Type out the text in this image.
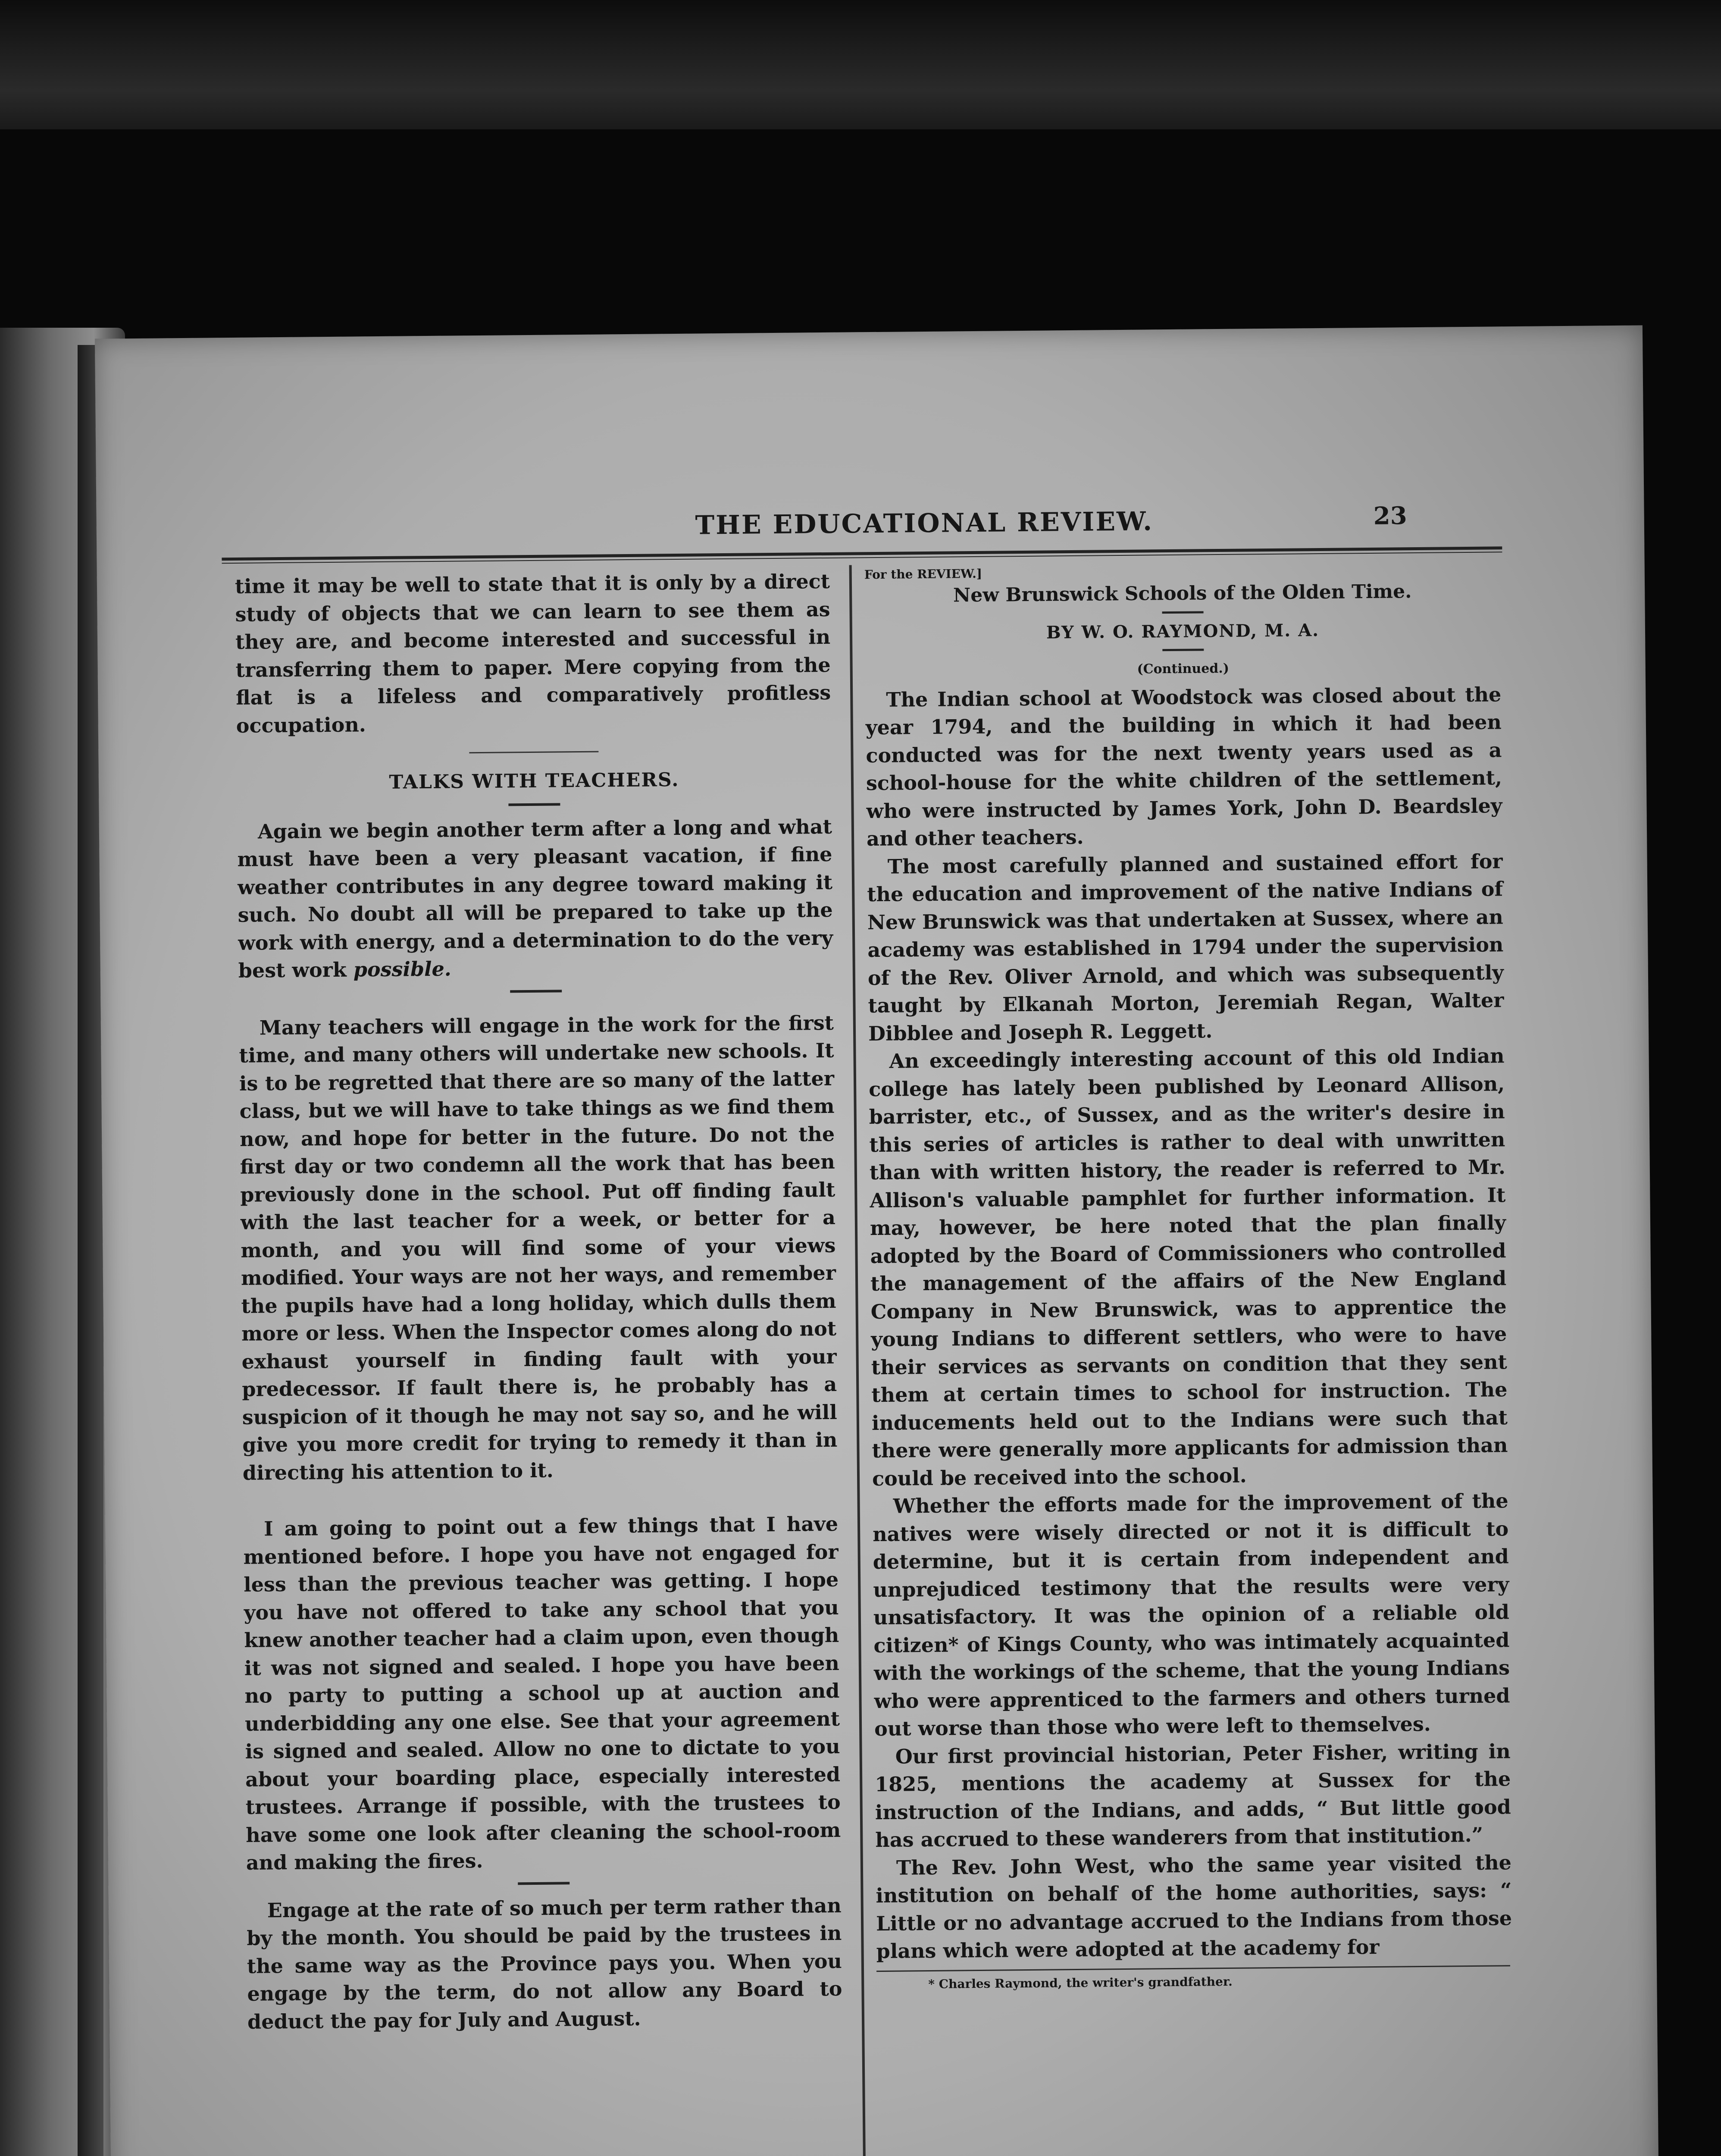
THE EDUCATIONAL REVIEW.	23

time it may be well to state that it is only by a direct study of objects that we can learn to see them as they are, and become interested and successful in transferring them to paper. Mere copying from the flat is a lifeless and comparatively profitless occupation.

TALKS WITH TEACHERS.

Again we begin another term after a long and what must have been a very pleasant vacation, if fine weather contributes in any degree toward making it such. No doubt all will be prepared to take up the work with energy, and a determination to do the very best work possible.

Many teachers will engage in the work for the first time, and many others will undertake new schools. It is to be regretted that there are so many of the latter class, but we will have to take things as we find them now, and hope for better in the future. Do not the first day or two condemn all the work that has been previously done in the school. Put off finding fault with the last teacher for a week, or better for a month, and you will find some of your views modified. Your ways are not her ways, and remember the pupils have had a long holiday, which dulls them more or less. When the Inspector comes along do not exhaust yourself in finding fault with your predecessor. If fault there is, he probably has a suspicion of it though he may not say so, and he will give you more credit for trying to remedy it than in directing his attention to it.

I am going to point out a few things that I have mentioned before. I hope you have not engaged for less than the previous teacher was getting. I hope you have not offered to take any school that you knew another teacher had a claim upon, even though it was not signed and sealed. I hope you have been no party to putting a school up at auction and underbidding any one else. See that your agreement is signed and sealed. Allow no one to dictate to you about your boarding place, especially interested trustees. Arrange if possible, with the trustees to have some one look after cleaning the school-room and making the fires.

Engage at the rate of so much per term rather than by the month. You should be paid by the trustees in the same way as the Province pays you. When you engage by the term, do not allow any Board to deduct the pay for July and August.

For the REVIEW.]

New Brunswick Schools of the Olden Time.

BY W. O. RAYMOND, M. A.

(Continued.)

The Indian school at Woodstock was closed about the year 1794, and the building in which it had been conducted was for the next twenty years used as a school-house for the white children of the settlement, who were instructed by James York, John D. Beardsley and other teachers.

The most carefully planned and sustained effort for the education and improvement of the native Indians of New Brunswick was that undertaken at Sussex, where an academy was established in 1794 under the supervision of the Rev. Oliver Arnold, and which was subsequently taught by Elkanah Morton, Jeremiah Regan, Walter Dibblee and Joseph R. Leggett.

An exceedingly interesting account of this old Indian college has lately been published by Leonard Allison, barrister, etc., of Sussex, and as the writer's desire in this series of articles is rather to deal with unwritten than with written history, the reader is referred to Mr. Allison's valuable pamphlet for further information. It may, however, be here noted that the plan finally adopted by the Board of Commissioners who controlled the management of the affairs of the New England Company in New Brunswick, was to apprentice the young Indians to different settlers, who were to have their services as servants on condition that they sent them at certain times to school for instruction. The inducements held out to the Indians were such that there were generally more applicants for admission than could be received into the school.

Whether the efforts made for the improvement of the natives were wisely directed or not it is difficult to determine, but it is certain from independent and unprejudiced testimony that the results were very unsatisfactory. It was the opinion of a reliable old citizen* of Kings County, who was intimately acquainted with the workings of the scheme, that the young Indians who were apprenticed to the farmers and others turned out worse than those who were left to themselves.

Our first provincial historian, Peter Fisher, writing in 1825, mentions the academy at Sussex for the instruction of the Indians, and adds, “ But little good has accrued to these wanderers from that institution.”

The Rev. John West, who the same year visited the institution on behalf of the home authorities, says: “ Little or no advantage accrued to the Indians from those plans which were adopted at the academy for

* Charles Raymond, the writer's grandfather.
